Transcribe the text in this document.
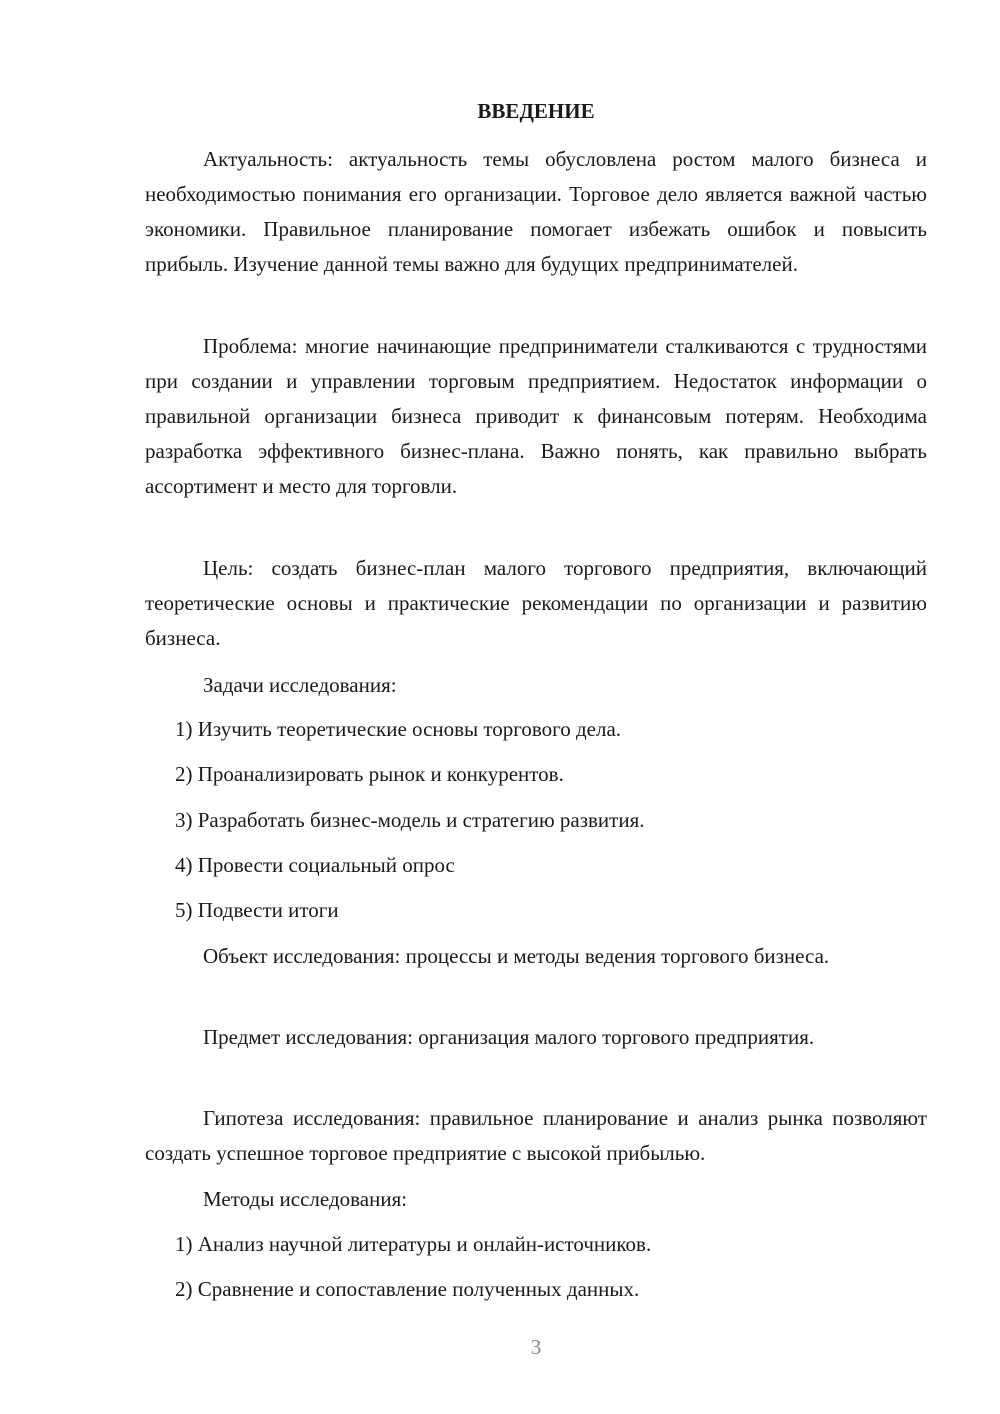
ВВЕДЕНИЕ

Актуальность: актуальность темы обусловлена ростом малого бизнеса и необходимостью понимания его организации. Торговое дело является важной частью экономики. Правильное планирование помогает избежать ошибок и повысить прибыль. Изучение данной темы важно для будущих предпринимателей.

Проблема: многие начинающие предприниматели сталкиваются с трудностями при создании и управлении торговым предприятием. Недостаток информации о правильной организации бизнеса приводит к финансовым потерям. Необходима разработка эффективного бизнес-плана. Важно понять, как правильно выбрать ассортимент и место для торговли.

Цель: создать бизнес-план малого торгового предприятия, включающий теоретические основы и практические рекомендации по организации и развитию бизнеса.

Задачи исследования:

1) Изучить теоретические основы торгового дела.

2) Проанализировать рынок и конкурентов.

3) Разработать бизнес-модель и стратегию развития.

4) Провести социальный опрос

5) Подвести итоги

Объект исследования: процессы и методы ведения торгового бизнеса.

Предмет исследования: организация малого торгового предприятия.

Гипотеза исследования: правильное планирование и анализ рынка позволяют создать успешное торговое предприятие с высокой прибылью.

Методы исследования:

1) Анализ научной литературы и онлайн-источников.

2) Сравнение и сопоставление полученных данных.

3
